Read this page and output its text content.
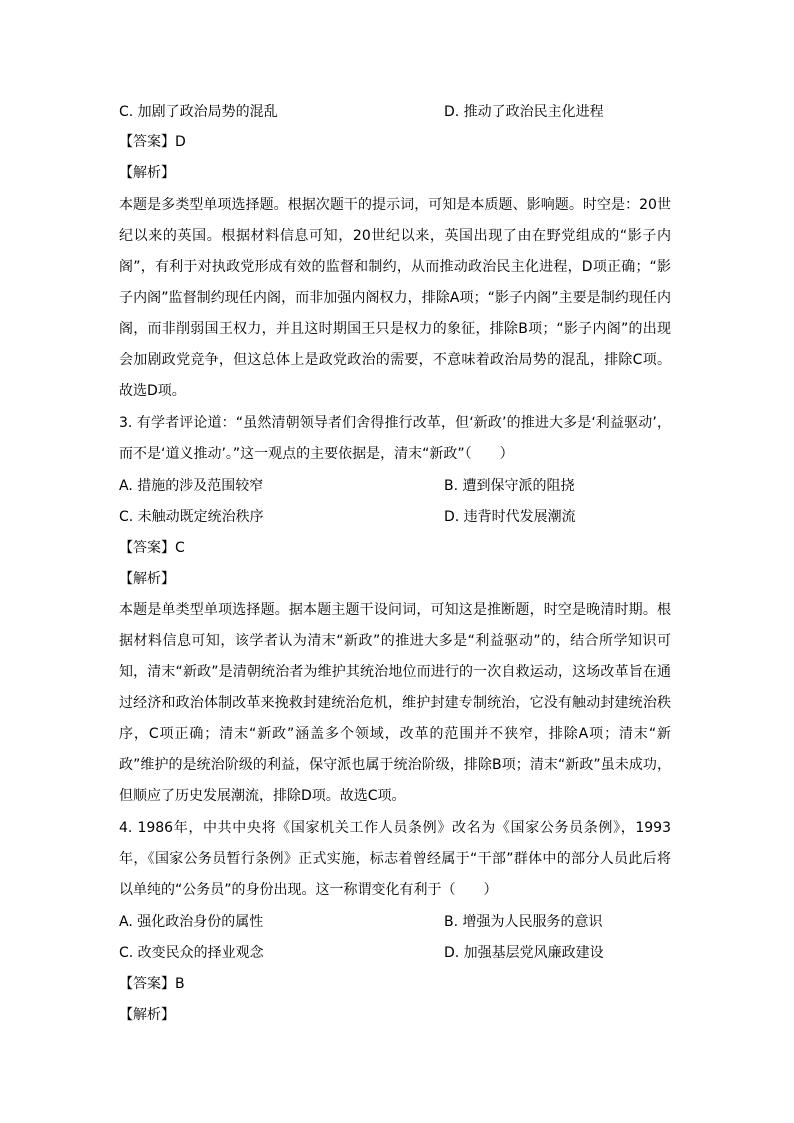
C. 加剧了政治局势的混乱	D. 推动了政治民主化进程
【答案】D
【解析】
本题是多类型单项选择题。根据次题干的提示词，可知是本质题、影响题。时空是：20世纪以来的英国。根据材料信息可知，20世纪以来，英国出现了由在野党组成的“影子内阁”，有利于对执政党形成有效的监督和制约，从而推动政治民主化进程，D项正确；“影子内阁”监督制约现任内阁，而非加强内阁权力，排除A项；“影子内阁”主要是制约现任内阁，而非削弱国王权力，并且这时期国王只是权力的象征，排除B项；“影子内阁”的出现会加剧政党竞争，但这总体上是政党政治的需要，不意味着政治局势的混乱，排除C项。故选D项。
3. 有学者评论道：“虽然清朝领导者们舍得推行改革，但‘新政’的推进大多是‘利益驱动’，而不是‘道义推动’。”这一观点的主要依据是，清末“新政”（　　）
A. 措施的涉及范围较窄	B. 遭到保守派的阻挠
C. 未触动既定统治秩序	D. 违背时代发展潮流
【答案】C
【解析】
本题是单类型单项选择题。据本题主题干设问词，可知这是推断题，时空是晚清时期。根据材料信息可知，该学者认为清末“新政”的推进大多是“利益驱动”的，结合所学知识可知，清末“新政”是清朝统治者为维护其统治地位而进行的一次自救运动，这场改革旨在通过经济和政治体制改革来挽救封建统治危机，维护封建专制统治，它没有触动封建统治秩序，C项正确；清末“新政”涵盖多个领域，改革的范围并不狭窄，排除A项；清末“新政”维护的是统治阶级的利益，保守派也属于统治阶级，排除B项；清末“新政”虽未成功，但顺应了历史发展潮流，排除D项。故选C项。
4. 1986年，中共中央将《国家机关工作人员条例》改名为《国家公务员条例》，1993年，《国家公务员暂行条例》正式实施，标志着曾经属于“干部”群体中的部分人员此后将以单纯的“公务员”的身份出现。这一称谓变化有利于（　　）
A. 强化政治身份的属性	B. 增强为人民服务的意识
C. 改变民众的择业观念	D. 加强基层党风廉政建设
【答案】B
【解析】
